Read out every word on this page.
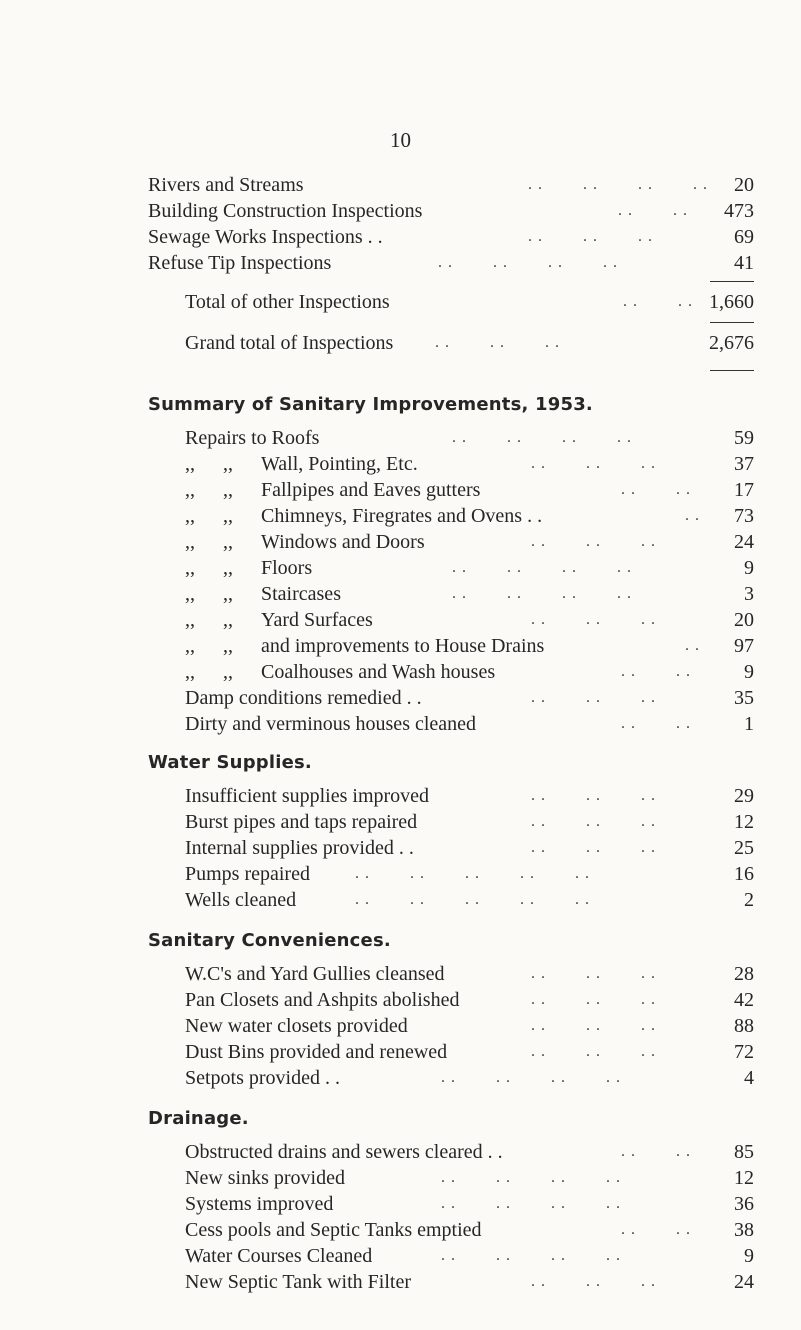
10
Rivers and Streams	. .        . .        . .        . . 20
Building Construction Inspections	. .        . . 473
Sewage Works Inspections . .	. .        . .        . .	69
Refuse Tip Inspections	. .        . .        . .        . .	41
Total of other Inspections	. .        . . 1,660
Grand total of Inspections	. .        . .        . .	2,676
Summary of Sanitary Improvements, 1953.
Repairs to Roofs	. .        . .        . .        . .	59
,, ,, Wall, Pointing, Etc.	. .        . .        . .	37
,, ,, Fallpipes and Eaves gutters	. .        . . 17
,, ,, Chimneys, Firegrates and Ovens . .	. . 73
,, ,, Windows and Doors	. .        . .        . .	24
,, ,, Floors	. .        . .        . .        . .	9
,, ,, Staircases	. .        . .        . .        . .	3
,, ,, Yard Surfaces	. .        . .        . .	20
,, ,, and improvements to House Drains	. . 97
,, ,, Coalhouses and Wash houses	. .        . .	9
Damp conditions remedied . .	. .        . .        . .	35
Dirty and verminous houses cleaned	. .        . .	1
Water Supplies.
Insufficient supplies improved	. .        . .        . .	29
Burst pipes and taps repaired	. .        . .        . .	12
Internal supplies provided . .	. .        . .        . .	25
Pumps repaired	. .        . .        . .        . .        . .	16
Wells cleaned	. .        . .        . .        . .        . .	2
Sanitary Conveniences.
W.C's and Yard Gullies cleansed	. .        . .        . .	28
Pan Closets and Ashpits abolished	. .        . .        . .	42
New water closets provided	. .        . .        . .	88
Dust Bins provided and renewed	. .        . .        . .	72
Setpots provided . .	. .        . .        . .        . .	4
Drainage.
Obstructed drains and sewers cleared . .	. .        . . 85
New sinks provided	. .        . .        . .        . .	12
Systems improved	. .        . .        . .        . .	36
Cess pools and Septic Tanks emptied	. .        . . 38
Water Courses Cleaned	. .        . .        . .        . .	9
New Septic Tank with Filter	. .        . .        . .	24
